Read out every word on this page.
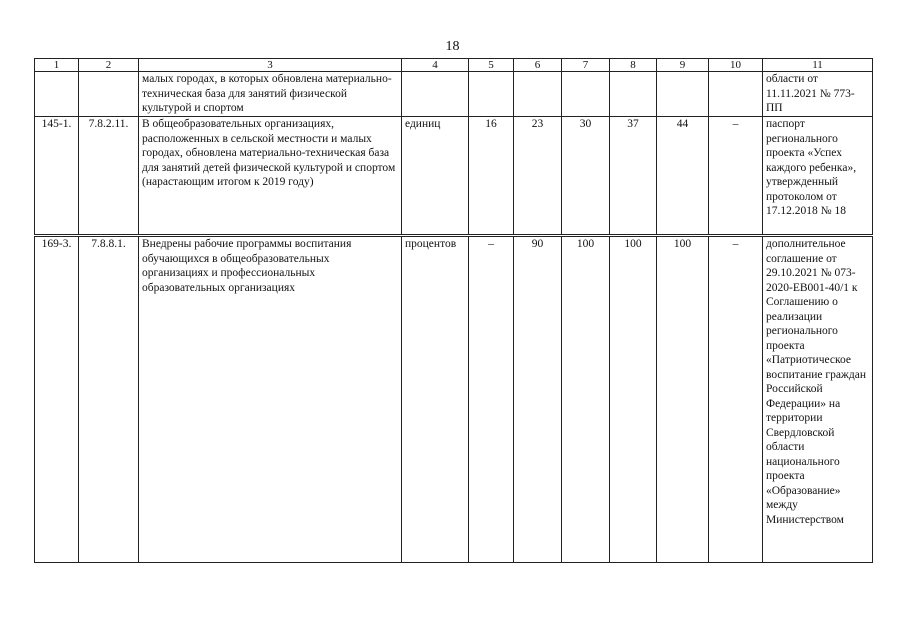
18
1	2	3	4	5	6	7	8	9	10	11
		малых городах, в которых обновлена материально-техническая база для занятий физической культурой и спортом								области от 11.11.2021 № 773-ПП
145-1.	7.8.2.11.	В общеобразовательных организациях, расположенных в сельской местности и малых городах, обновлена материально-техническая база для занятий детей физической культурой и спортом (нарастающим итогом к 2019 году)	единиц	16	23	30	37	44	–	паспорт регионального проекта «Успех каждого ребенка», утвержденный протоколом от 17.12.2018 № 18
169-3.	7.8.8.1.	Внедрены рабочие программы воспитания обучающихся в общеобразовательных организациях и профессиональных образовательных организациях	процентов	–	90	100	100	100	–	дополнительное соглашение от 29.10.2021 № 073-2020-ЕВ001-40/1 к Соглашению о реализации регионального проекта «Патриотическое воспитание граждан Российской Федерации» на территории Свердловской области национального проекта «Образование» между Министерством
